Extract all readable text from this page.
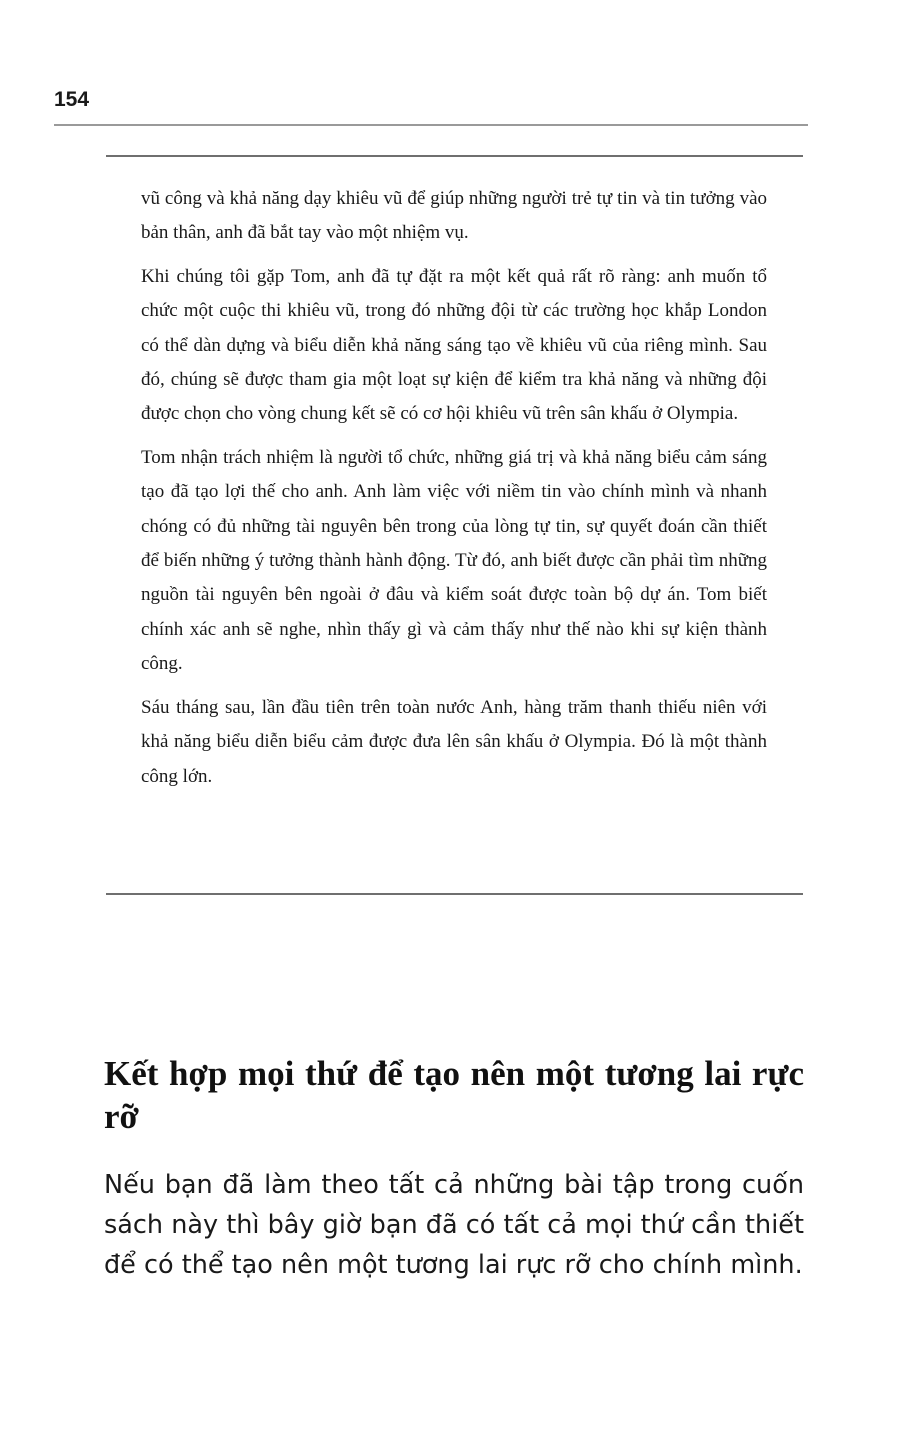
154

vũ công và khả năng dạy khiêu vũ để giúp những người trẻ tự tin và tin tưởng vào bản thân, anh đã bắt tay vào một nhiệm vụ.

Khi chúng tôi gặp Tom, anh đã tự đặt ra một kết quả rất rõ ràng: anh muốn tổ chức một cuộc thi khiêu vũ, trong đó những đội từ các trường học khắp London có thể dàn dựng và biểu diễn khả năng sáng tạo về khiêu vũ của riêng mình. Sau đó, chúng sẽ được tham gia một loạt sự kiện để kiểm tra khả năng và những đội được chọn cho vòng chung kết sẽ có cơ hội khiêu vũ trên sân khấu ở Olympia.

Tom nhận trách nhiệm là người tổ chức, những giá trị và khả năng biểu cảm sáng tạo đã tạo lợi thế cho anh. Anh làm việc với niềm tin vào chính mình và nhanh chóng có đủ những tài nguyên bên trong của lòng tự tin, sự quyết đoán cần thiết để biến những ý tưởng thành hành động. Từ đó, anh biết được cần phải tìm những nguồn tài nguyên bên ngoài ở đâu và kiểm soát được toàn bộ dự án. Tom biết chính xác anh sẽ nghe, nhìn thấy gì và cảm thấy như thế nào khi sự kiện thành công.

Sáu tháng sau, lần đầu tiên trên toàn nước Anh, hàng trăm thanh thiếu niên với khả năng biểu diễn biểu cảm được đưa lên sân khấu ở Olympia. Đó là một thành công lớn.

Kết hợp mọi thứ để tạo nên một tương lai rực rỡ

Nếu bạn đã làm theo tất cả những bài tập trong cuốn sách này thì bây giờ bạn đã có tất cả mọi thứ cần thiết để có thể tạo nên một tương lai rực rỡ cho chính mình.
